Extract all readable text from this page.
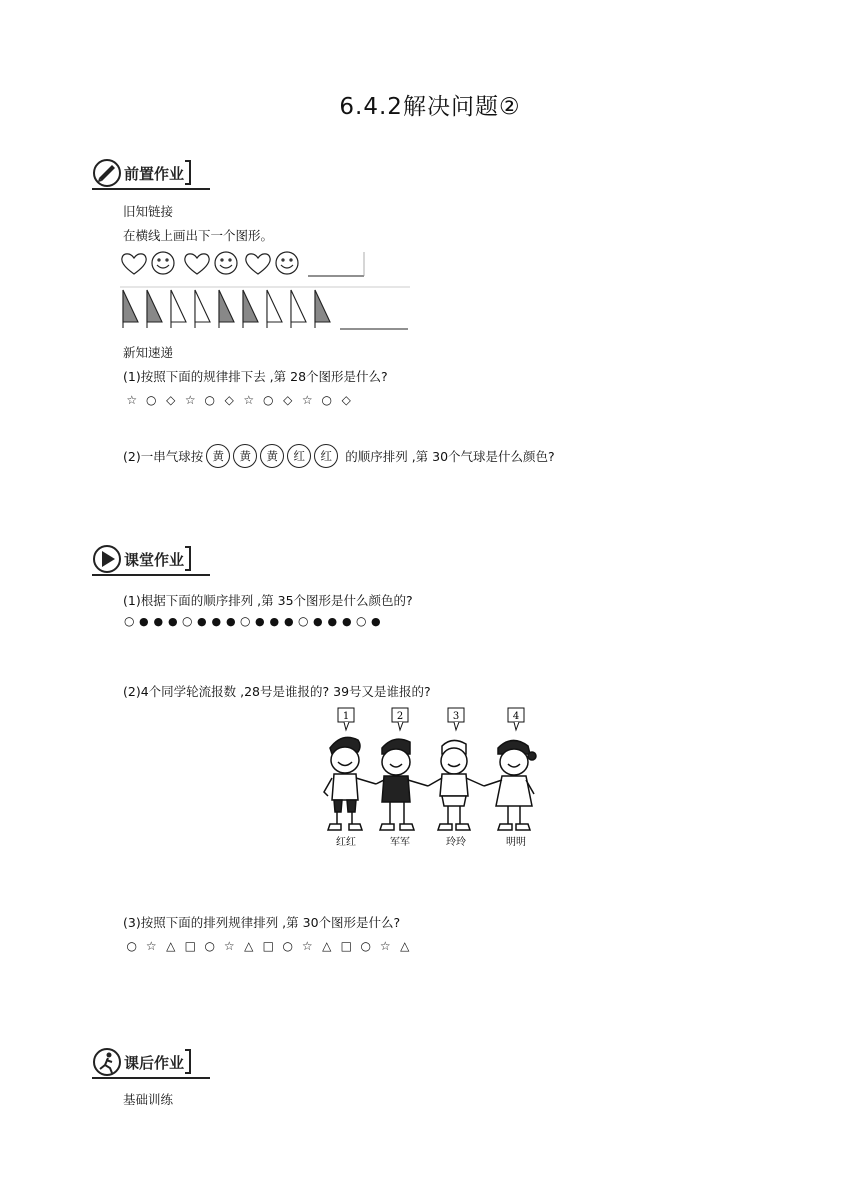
6.4.2解决问题②
前置作业
旧知链接
在横线上画出下一个图形。
新知速递
(1)按照下面的规律排下去 ,第 28个图形是什么?
☆ ○ ◇ ☆ ○ ◇ ☆ ○ ◇ ☆ ○ ◇
(2)一串气球按 黄	黄	黄	红	红	的顺序排列 ,第 30个气球是什么颜色?
课堂作业
(1)根据下面的顺序排列 ,第 35个图形是什么颜色的?
○ ● ● ● ○ ● ● ● ○ ● ● ● ○ ● ● ● ○ ●
(2)4个同学轮流报数 ,28号是谁报的? 39号又是谁报的?
1	2	3	4
红红	军军	玲玲	明明
(3)按照下面的排列规律排列 ,第 30个图形是什么?
○ ☆ △ □ ○ ☆ △ □ ○ ☆ △ □ ○ ☆ △
课后作业
基础训练
